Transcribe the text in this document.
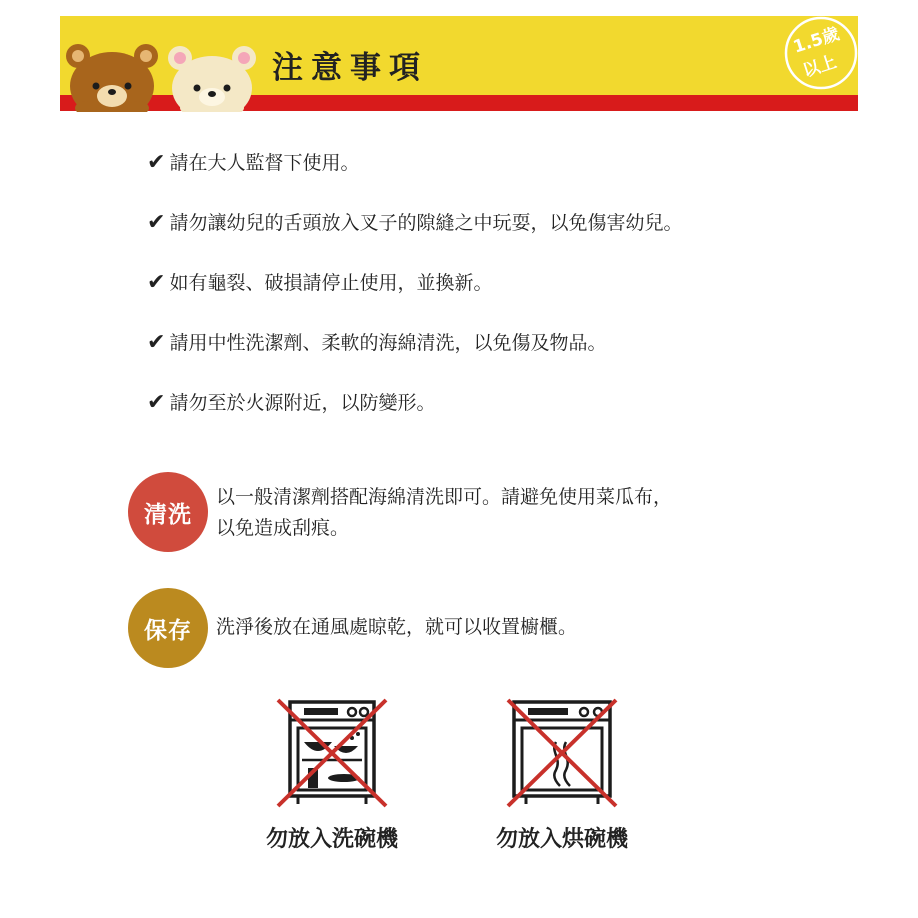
注意事項
1.5歲
以上
✔ 請在大人監督下使用。
✔ 請勿讓幼兒的舌頭放入叉子的隙縫之中玩耍，以免傷害幼兒。
✔ 如有龜裂、破損請停止使用，並換新。
✔ 請用中性洗潔劑、柔軟的海綿清洗，以免傷及物品。
✔ 請勿至於火源附近，以防變形。
清洗
以一般清潔劑搭配海綿清洗即可。請避免使用菜瓜布，
以免造成刮痕。
保存	洗淨後放在通風處晾乾，就可以收置櫥櫃。
勿放入洗碗機	勿放入烘碗機
